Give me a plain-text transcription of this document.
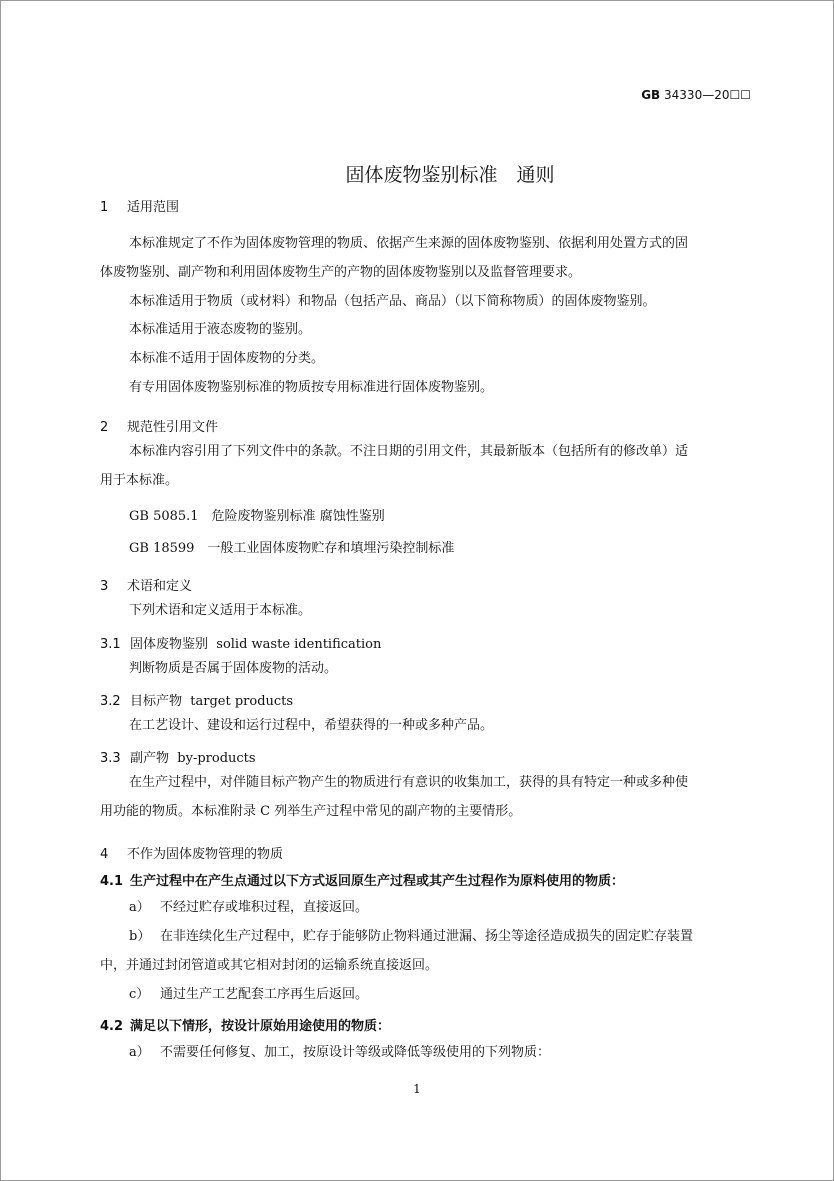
GB 34330—20☐☐
固体废物鉴别标准　通则
1 适用范围
本标准规定了不作为固体废物管理的物质、依据产生来源的固体废物鉴别、依据利用处置方式的固
体废物鉴别、副产物和利用固体废物生产的产物的固体废物鉴别以及监督管理要求。
本标准适用于物质（或材料）和物品（包括产品、商品）（以下简称物质）的固体废物鉴别。
本标准适用于液态废物的鉴别。
本标准不适用于固体废物的分类。
有专用固体废物鉴别标准的物质按专用标准进行固体废物鉴别。
2 规范性引用文件
本标准内容引用了下列文件中的条款。不注日期的引用文件，其最新版本（包括所有的修改单）适
用于本标准。
GB 5085.1　危险废物鉴别标准 腐蚀性鉴别
GB 18599　一般工业固体废物贮存和填埋污染控制标准
3 术语和定义
下列术语和定义适用于本标准。
3.1 固体废物鉴别 solid waste identification
判断物质是否属于固体废物的活动。
3.2 目标产物 target products
在工艺设计、建设和运行过程中，希望获得的一种或多种产品。
3.3 副产物 by-products
在生产过程中，对伴随目标产物产生的物质进行有意识的收集加工，获得的具有特定一种或多种使
用功能的物质。本标准附录 C 列举生产过程中常见的副产物的主要情形。
4 不作为固体废物管理的物质
4.1 生产过程中在产生点通过以下方式返回原生产过程或其产生过程作为原料使用的物质：
a） 不经过贮存或堆积过程，直接返回。
b） 在非连续化生产过程中，贮存于能够防止物料通过泄漏、扬尘等途径造成损失的固定贮存装置
中，并通过封闭管道或其它相对封闭的运输系统直接返回。
c） 通过生产工艺配套工序再生后返回。
4.2 满足以下情形，按设计原始用途使用的物质：
a） 不需要任何修复、加工，按原设计等级或降低等级使用的下列物质：
1
